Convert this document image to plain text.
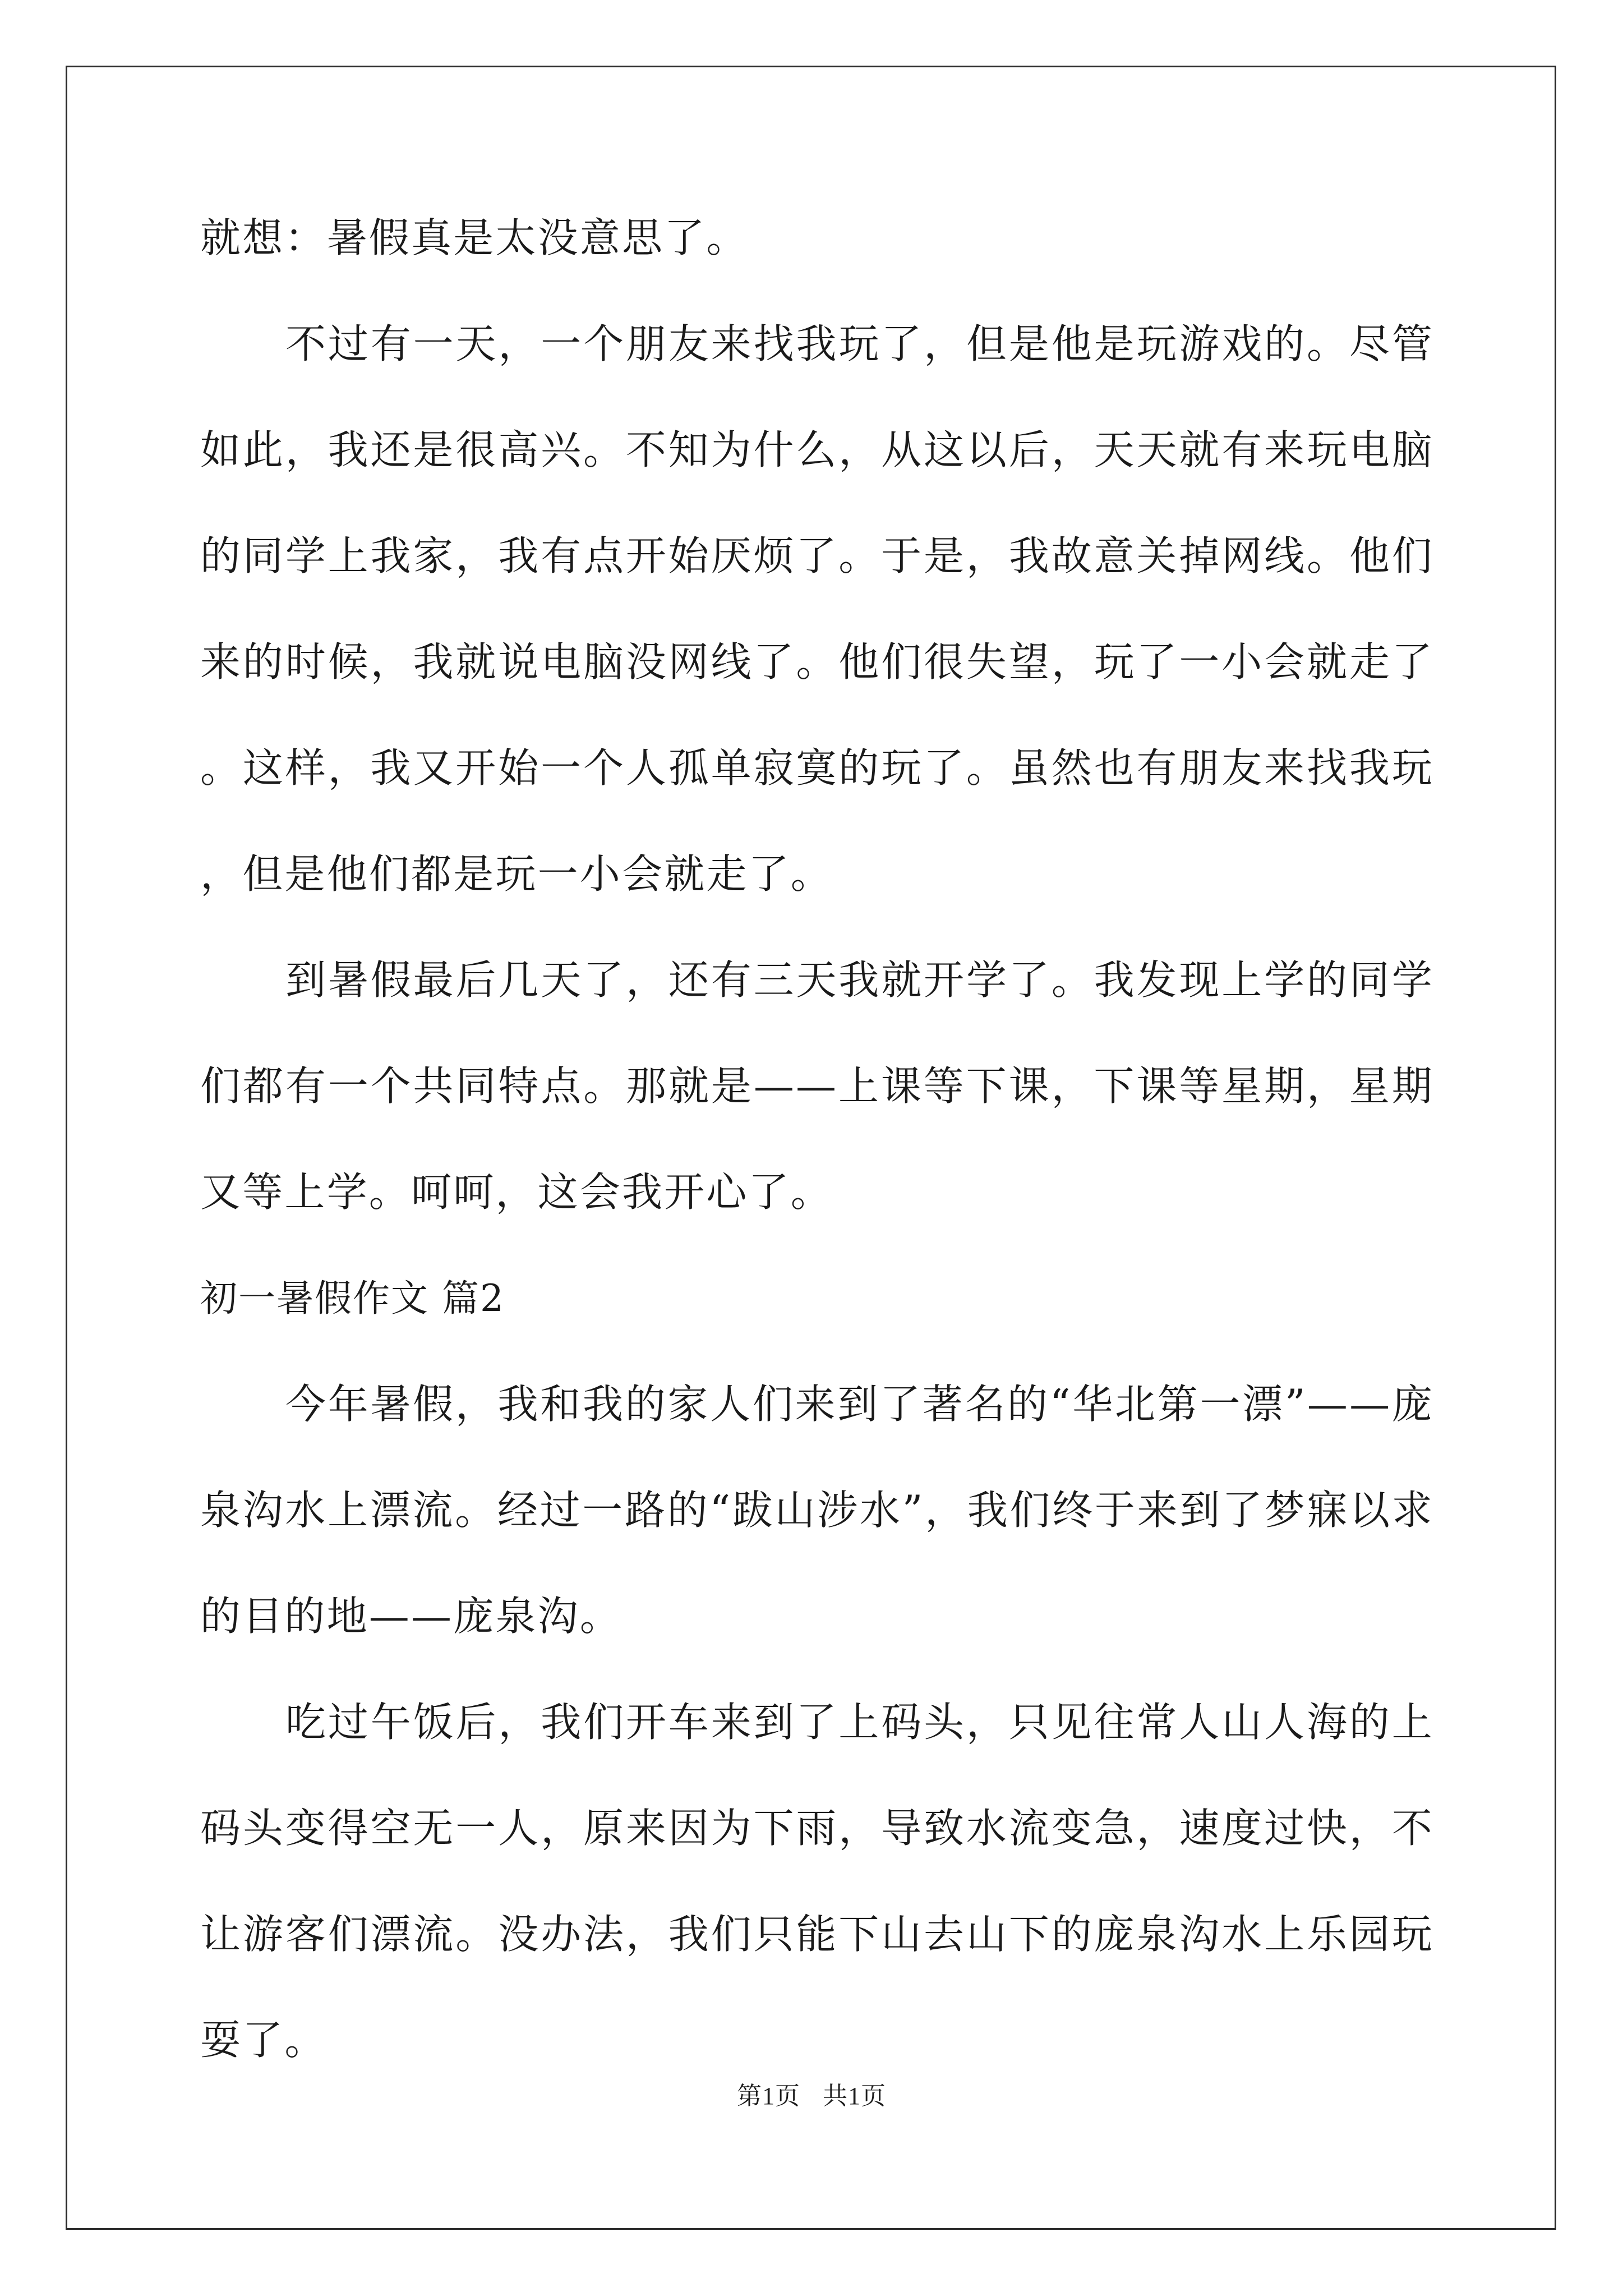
就想：暑假真是太没意思了。

不过有一天，一个朋友来找我玩了，但是他是玩游戏的。尽管如此，我还是很高兴。不知为什么，从这以后，天天就有来玩电脑的同学上我家，我有点开始厌烦了。于是，我故意关掉网线。他们来的时候，我就说电脑没网线了。他们很失望，玩了一小会就走了。这样，我又开始一个人孤单寂寞的玩了。虽然也有朋友来找我玩，但是他们都是玩一小会就走了。

到暑假最后几天了，还有三天我就开学了。我发现上学的同学们都有一个共同特点。那就是——上课等下课，下课等星期，星期又等上学。呵呵，这会我开心了。

初一暑假作文 篇2

今年暑假，我和我的家人们来到了著名的“华北第一漂”——庞泉沟水上漂流。经过一路的“跋山涉水”，我们终于来到了梦寐以求的目的地——庞泉沟。

吃过午饭后，我们开车来到了上码头，只见往常人山人海的上码头变得空无一人，原来因为下雨，导致水流变急，速度过快，不让游客们漂流。没办法，我们只能下山去山下的庞泉沟水上乐园玩耍了。

第1页 共1页
